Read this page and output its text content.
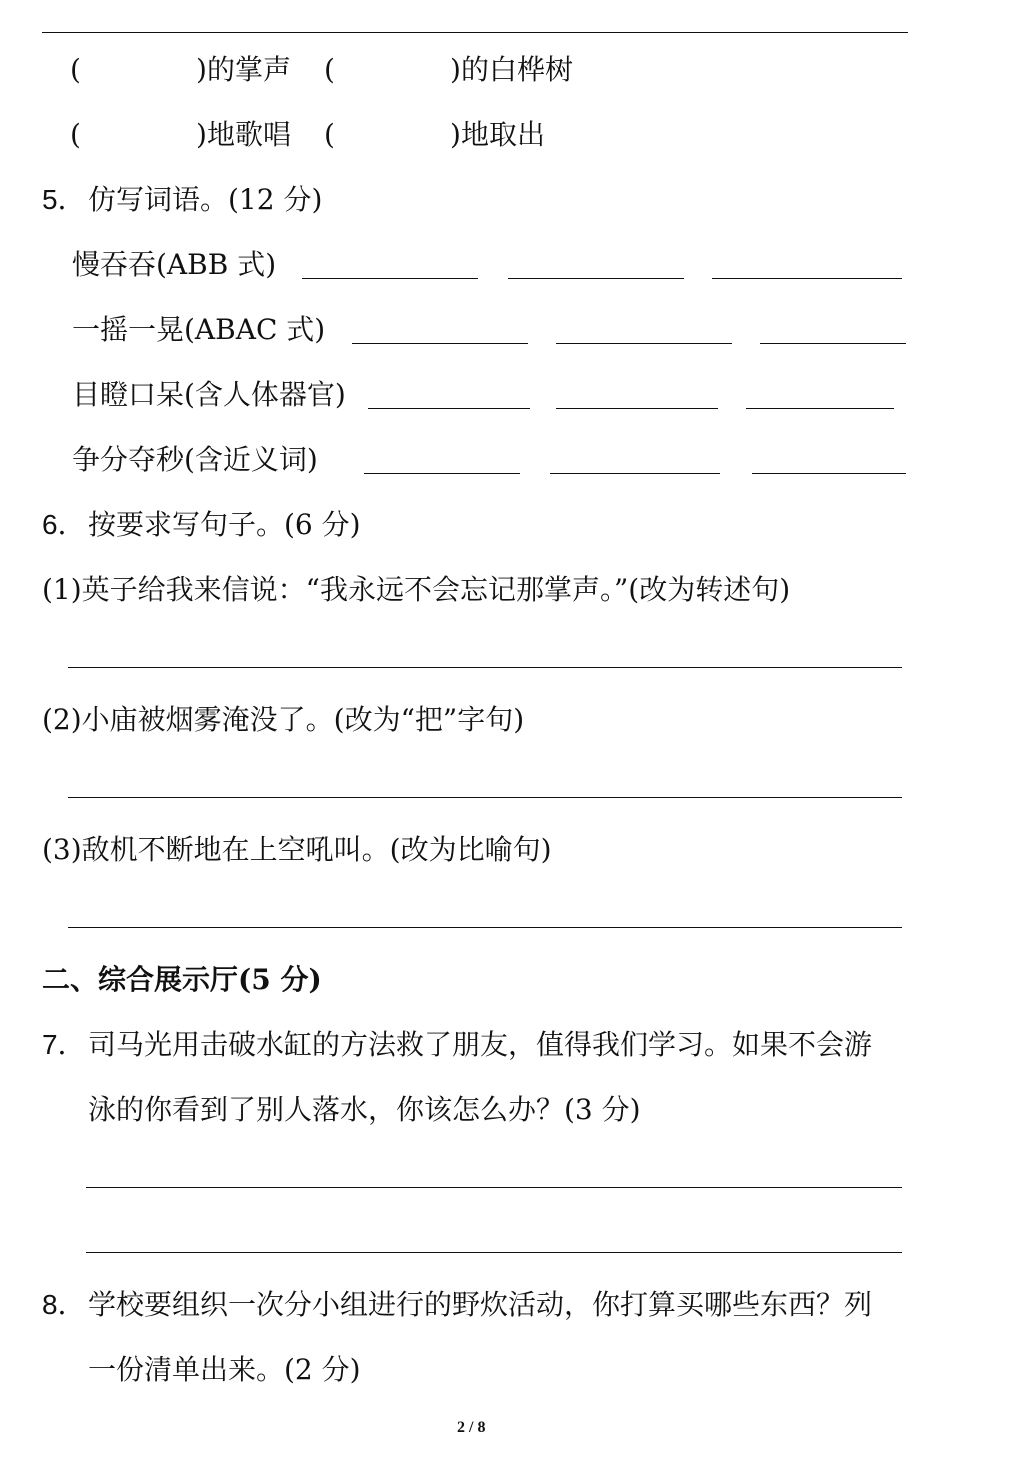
(	) 的掌声 (	) 的白桦树
(	) 地歌唱 (	) 地取出
5． 仿写词语。(12 分)
慢吞吞(ABB 式)
一摇一晃(ABAC 式)
目瞪口呆(含人体器官)
争分夺秒(含近义词)
6． 按要求写句子。(6 分)
(1)英子给我来信说：“我永远不会忘记那掌声。”(改为转述句)
(2)小庙被烟雾淹没了。(改为“把”字句)
(3)敌机不断地在上空吼叫。(改为比喻句)
二、综合展示厅(5 分)
7． 司马光用击破水缸的方法救了朋友，值得我们学习。如果不会游
泳的你看到了别人落水，你该怎么办？(3 分)
8． 学校要组织一次分小组进行的野炊活动，你打算买哪些东西？列
一份清单出来。(2 分)
2 / 8
